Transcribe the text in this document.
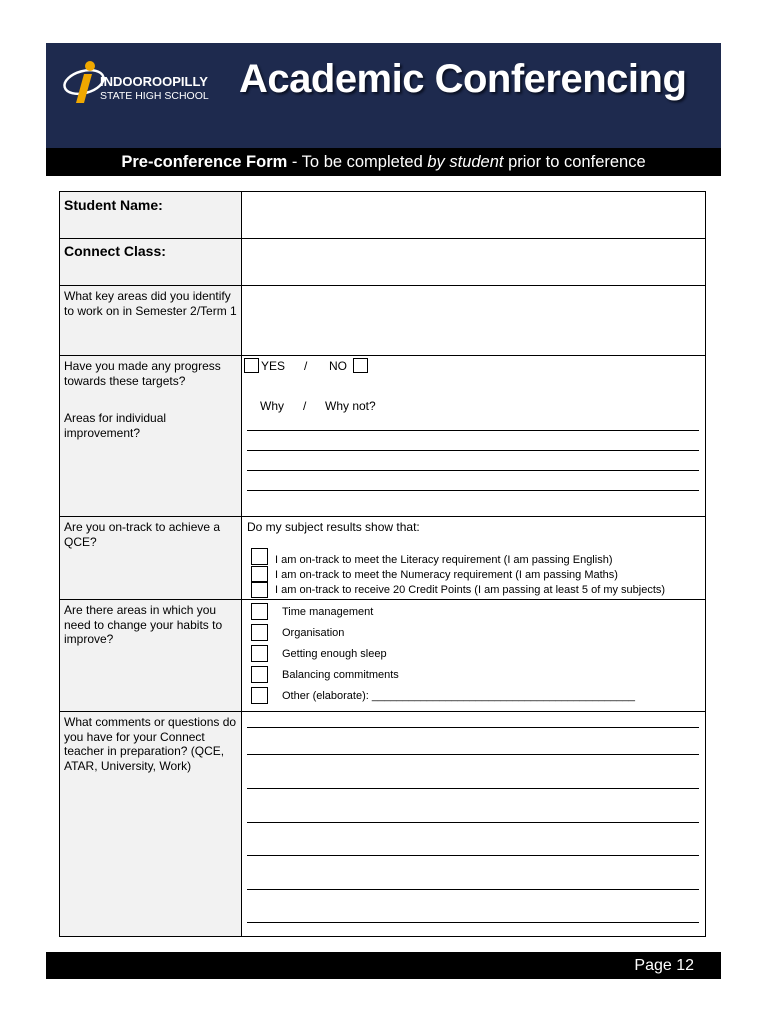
INDOOROOPILLY
STATE HIGH SCHOOL Academic Conferencing
Pre-conference Form - To be completed by student prior to conference
Student Name:
Connect Class:
What key areas did you identify to work on in Semester 2/Term 1
Have you made any progress towards these targets?
Areas for individual improvement?
Are you on-track to achieve a QCE?
Are there areas in which you need to change your habits to improve?
What comments or questions do you have for your Connect teacher in preparation? (QCE, ATAR, University, Work)
YES / NO
Why / Why not?
Do my subject results show that:
I am on-track to meet the Literacy requirement (I am passing English)
I am on-track to meet the Numeracy requirement (I am passing Maths)
I am on-track to receive 20 Credit Points (I am passing at least 5 of my subjects)
Time management
Organisation
Getting enough sleep
Balancing commitments
Other (elaborate): ___________________________________________
Page 12
